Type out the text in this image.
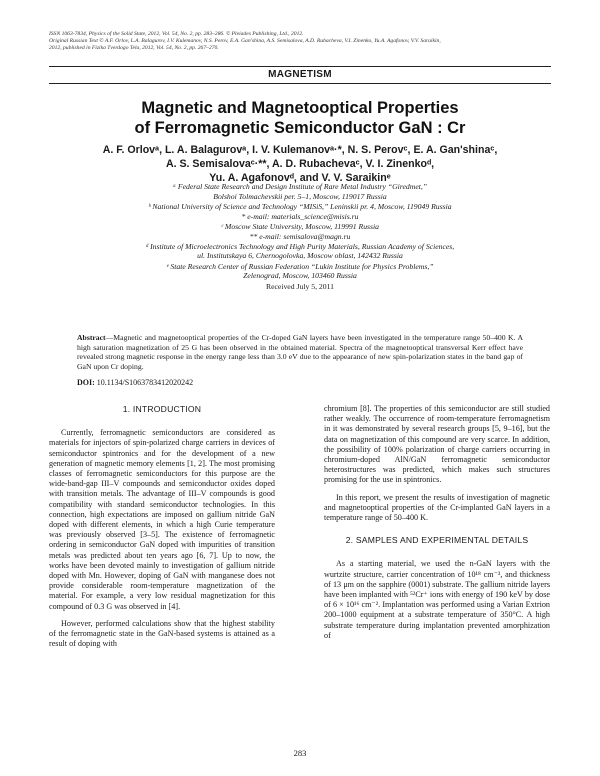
ISSN 1063-7834, Physics of the Solid State, 2012, Vol. 54, No. 2, pp. 283–286. © Pleiades Publishing, Ltd., 2012.
Original Russian Text © A.F. Orlov, L.A. Balagurov, I.V. Kulemanov, N.S. Perov, E.A. Gan'shina, A.S. Semisalova, A.D. Rubacheva, V.I. Zinenko, Yu.A. Agafonov, V.V. Saraikin,
2012, published in Fizika Tverdogo Tela, 2012, Vol. 54, No. 2, pp. 267–270.
MAGNETISM
Magnetic and Magnetooptical Properties
of Ferromagnetic Semiconductor GaN : Cr
A. F. Orlovᵃ, L. A. Balagurovᵃ, I. V. Kulemanovᵃ·*, N. S. Perovᶜ, E. A. Gan'shinaᶜ,
A. S. Semisalovaᶜ·**, A. D. Rubachevaᶜ, V. I. Zinenkoᵈ,
Yu. A. Agafonovᵈ, and V. V. Saraikinᵉ
ᵃ Federal State Research and Design Institute of Rare Metal Industry “Giredmet,”
Bolshoi Tolmachevskii per. 5–1, Moscow, 119017 Russia
ᵇ National University of Science and Technology “MISiS,” Leninskii pr. 4, Moscow, 119049 Russia
* e-mail: materials_science@misis.ru
ᶜ Moscow State University, Moscow, 119991 Russia
** e-mail: semisalova@magn.ru
ᵈ Institute of Microelectronics Technology and High Purity Materials, Russian Academy of Sciences,
ul. Institutskaya 6, Chernogolovka, Moscow oblast, 142432 Russia
ᵉ State Research Center of Russian Federation “Lukin Institute for Physics Problems,”
Zelenograd, Moscow, 103460 Russia
Received July 5, 2011
Abstract—Magnetic and magnetooptical properties of the Cr-doped GaN layers have been investigated in the temperature range 50–400 K. A high saturation magnetization of 25 G has been observed in the obtained material. Spectra of the magnetooptical transversal Kerr effect have revealed strong magnetic response in the energy range less than 3.0 eV due to the appearance of new spin-polarization states in the band gap of GaN upon Cr doping.
DOI: 10.1134/S1063783412020242
1. INTRODUCTION

Currently, ferromagnetic semiconductors are considered as materials for injectors of spin-polarized charge carriers in devices of semiconductor spintronics and for the development of a new generation of magnetic memory elements [1, 2]. The most promising classes of ferromagnetic semiconductors for this purpose are the wide-band-gap III–V compounds and semiconductor oxides doped with transition metals. The advantage of III–V compounds is good compatibility with standard semiconductor technologies. In this connection, high expectations are imposed on gallium nitride GaN doped with different elements, in which a high Curie temperature was previously observed [3–5]. The existence of ferromagnetic ordering in semiconductor GaN doped with impurities of transition metals was predicted about ten years ago [6, 7]. Up to now, the works have been devoted mainly to investigation of gallium nitride doped with Mn. However, doping of GaN with manganese does not provide considerable room-temperature magnetization of the material. For example, a very low residual magnetization for this compound of 0.3 G was observed in [4].

However, performed calculations show that the highest stability of the ferromagnetic state in the GaN-based systems is attained as a result of doping with

chromium [8]. The properties of this semiconductor are still studied rather weakly. The occurrence of room-temperature ferromagnetism in it was demonstrated by several research groups [5, 9–16], but the data on magnetization of this compound are very scarce. In addition, the possibility of 100% polarization of charge carriers occurring in chromium-doped AlN/GaN ferromagnetic semiconductor heterostructures was predicted, which makes such structures promising for the use in spintronics.

In this report, we present the results of investigation of magnetic and magnetooptical properties of the Cr-implanted GaN layers in a temperature range of 50–400 K.

2. SAMPLES AND EXPERIMENTAL DETAILS

As a starting material, we used the n-GaN layers with the wurtzite structure, carrier concentration of 10¹⁸ cm⁻³, and thickness of 13 μm on the sapphire (0001) substrate. The gallium nitride layers have been implanted with ⁵²Cr⁺ ions with energy of 190 keV by dose of 6 × 10¹⁶ cm⁻². Implantation was performed using a Varian Extrion 200–1000 equipment at a substrate temperature of 350°C. A high substrate temperature during implantation prevented amorphization of

283
